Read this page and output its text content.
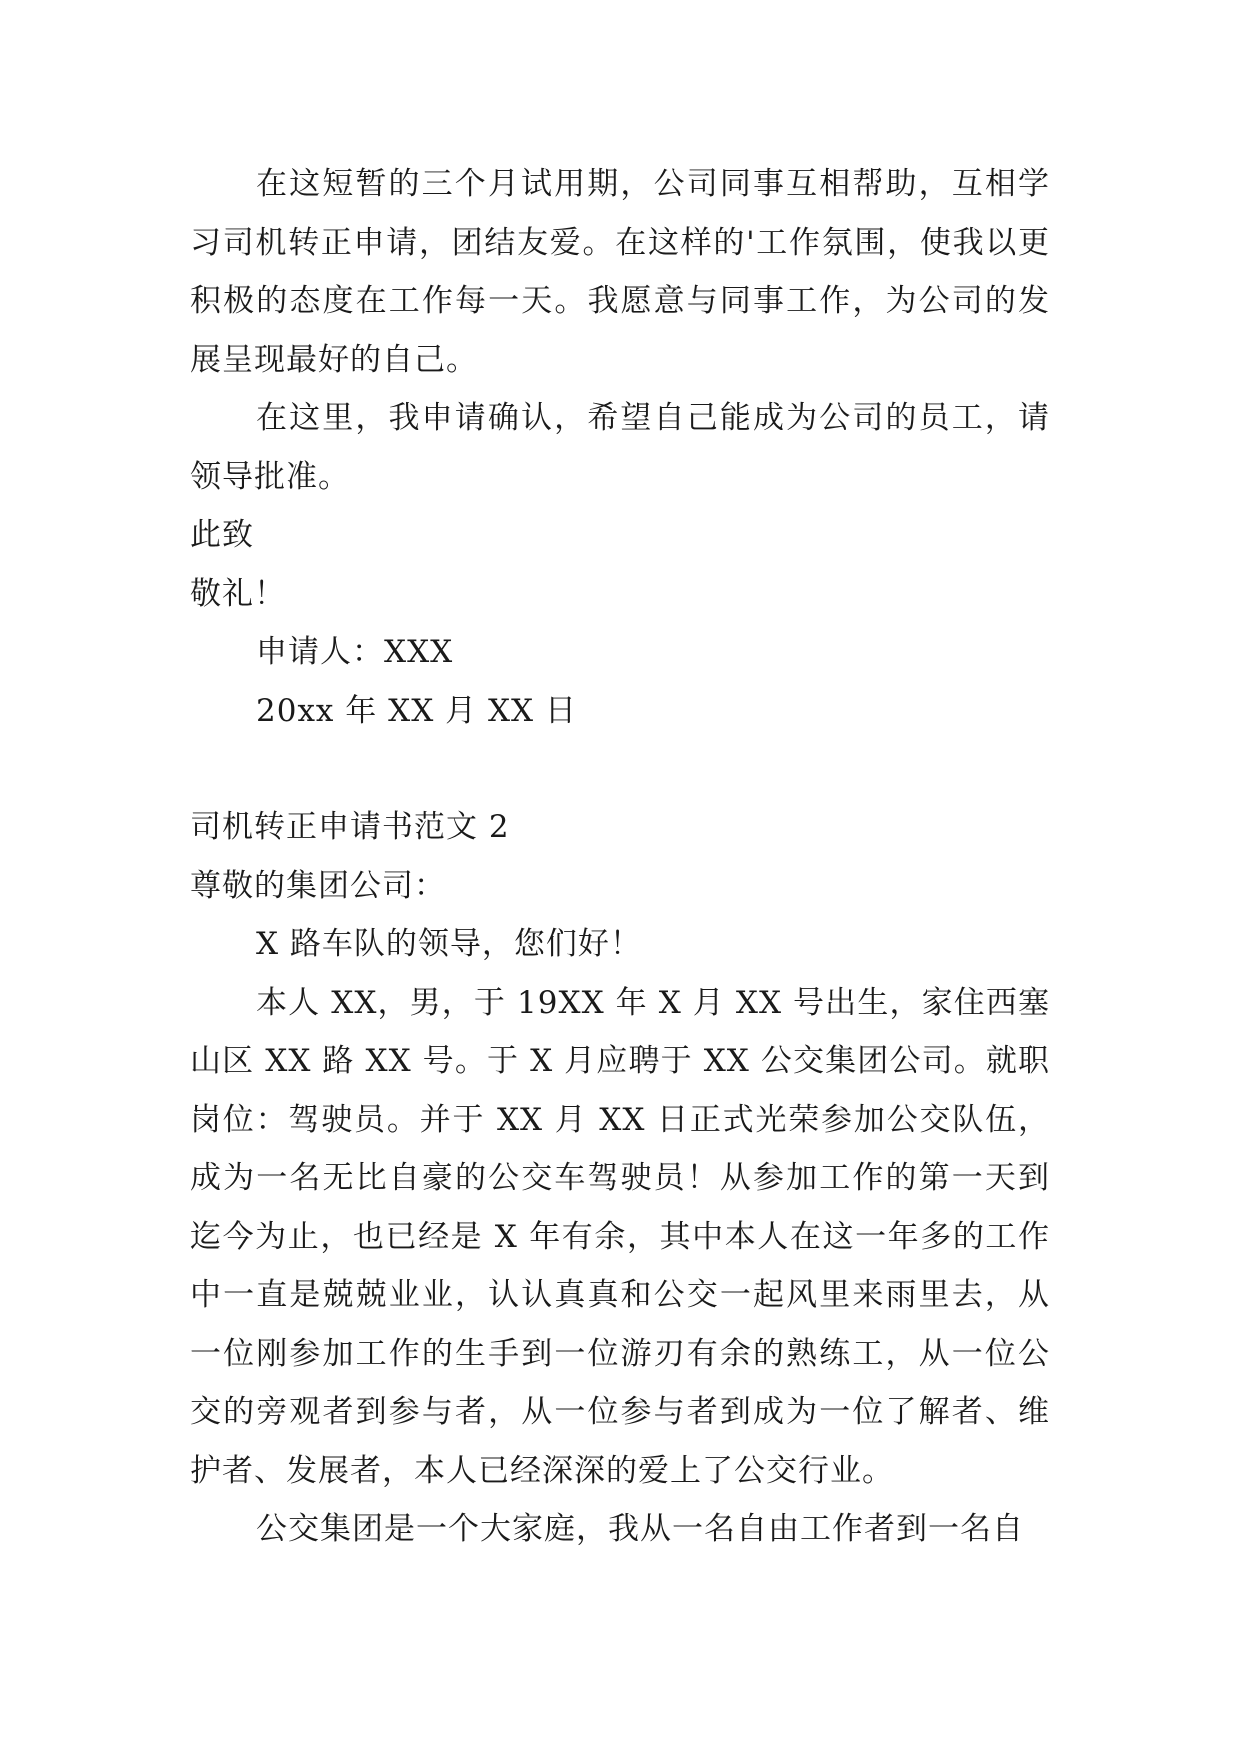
在这短暂的三个月试用期，公司同事互相帮助，互相学习司机转正申请，团结友爱。在这样的'工作氛围，使我以更积极的态度在工作每一天。我愿意与同事工作，为公司的发展呈现最好的自己。

在这里，我申请确认，希望自己能成为公司的员工，请领导批准。

此致

敬礼！

申请人：XXX

20xx 年 XX 月 XX 日

司机转正申请书范文 2

尊敬的集团公司：

X 路车队的领导，您们好！

本人 XX，男，于 19XX 年 X 月 XX 号出生，家住西塞山区 XX 路 XX 号。于 X 月应聘于 XX 公交集团公司。就职岗位：驾驶员。并于 XX 月 XX 日正式光荣参加公交队伍，成为一名无比自豪的公交车驾驶员！从参加工作的第一天到迄今为止，也已经是 X 年有余，其中本人在这一年多的工作中一直是兢兢业业，认认真真和公交一起风里来雨里去，从一位刚参加工作的生手到一位游刃有余的熟练工，从一位公交的旁观者到参与者，从一位参与者到成为一位了解者、维护者、发展者，本人已经深深的爱上了公交行业。

公交集团是一个大家庭，我从一名自由工作者到一名自
